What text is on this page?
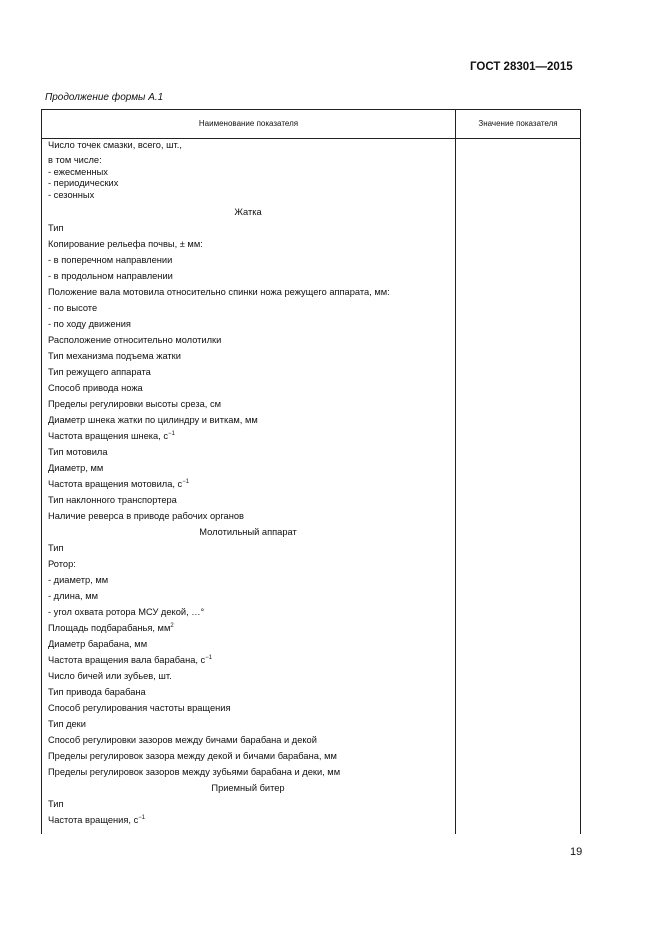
ГОСТ 28301—2015
Продолжение формы А.1
Наименование показателя	Значение показателя
Число точек смазки, всего, шт.,
в том числе:
- ежесменных
- периодических
- сезонных
Жатка
Тип
Копирование рельефа почвы, ± мм:
- в поперечном направлении
- в продольном направлении
Положение вала мотовила относительно спинки ножа режущего аппарата, мм:
- по высоте
- по ходу движения
Расположение относительно молотилки
Тип механизма подъема жатки
Тип режущего аппарата
Способ привода ножа
Пределы регулировки высоты среза, см
Диаметр шнека жатки по цилиндру и виткам, мм
Частота вращения шнека, $с^{-1}$
Тип мотовила
Диаметр, мм
Частота вращения мотовила, $с^{-1}$
Тип наклонного транспортера
Наличие реверса в приводе рабочих органов
Молотильный аппарат
Тип
Ротор:
- диаметр, мм
- длина, мм
- угол охвата ротора МСУ декой, …°
Площадь подбарабанья, $мм^2$
Диаметр барабана, мм
Частота вращения вала барабана, $с^{-1}$
Число бичей или зубьев, шт.
Тип привода барабана
Способ регулирования частоты вращения
Тип деки
Способ регулировки зазоров между бичами барабана и декой
Пределы регулировок зазора между декой и бичами барабана, мм
Пределы регулировок зазоров между зубьями барабана и деки, мм
Приемный битер
Тип
Частота вращения, $с^{-1}$
19
